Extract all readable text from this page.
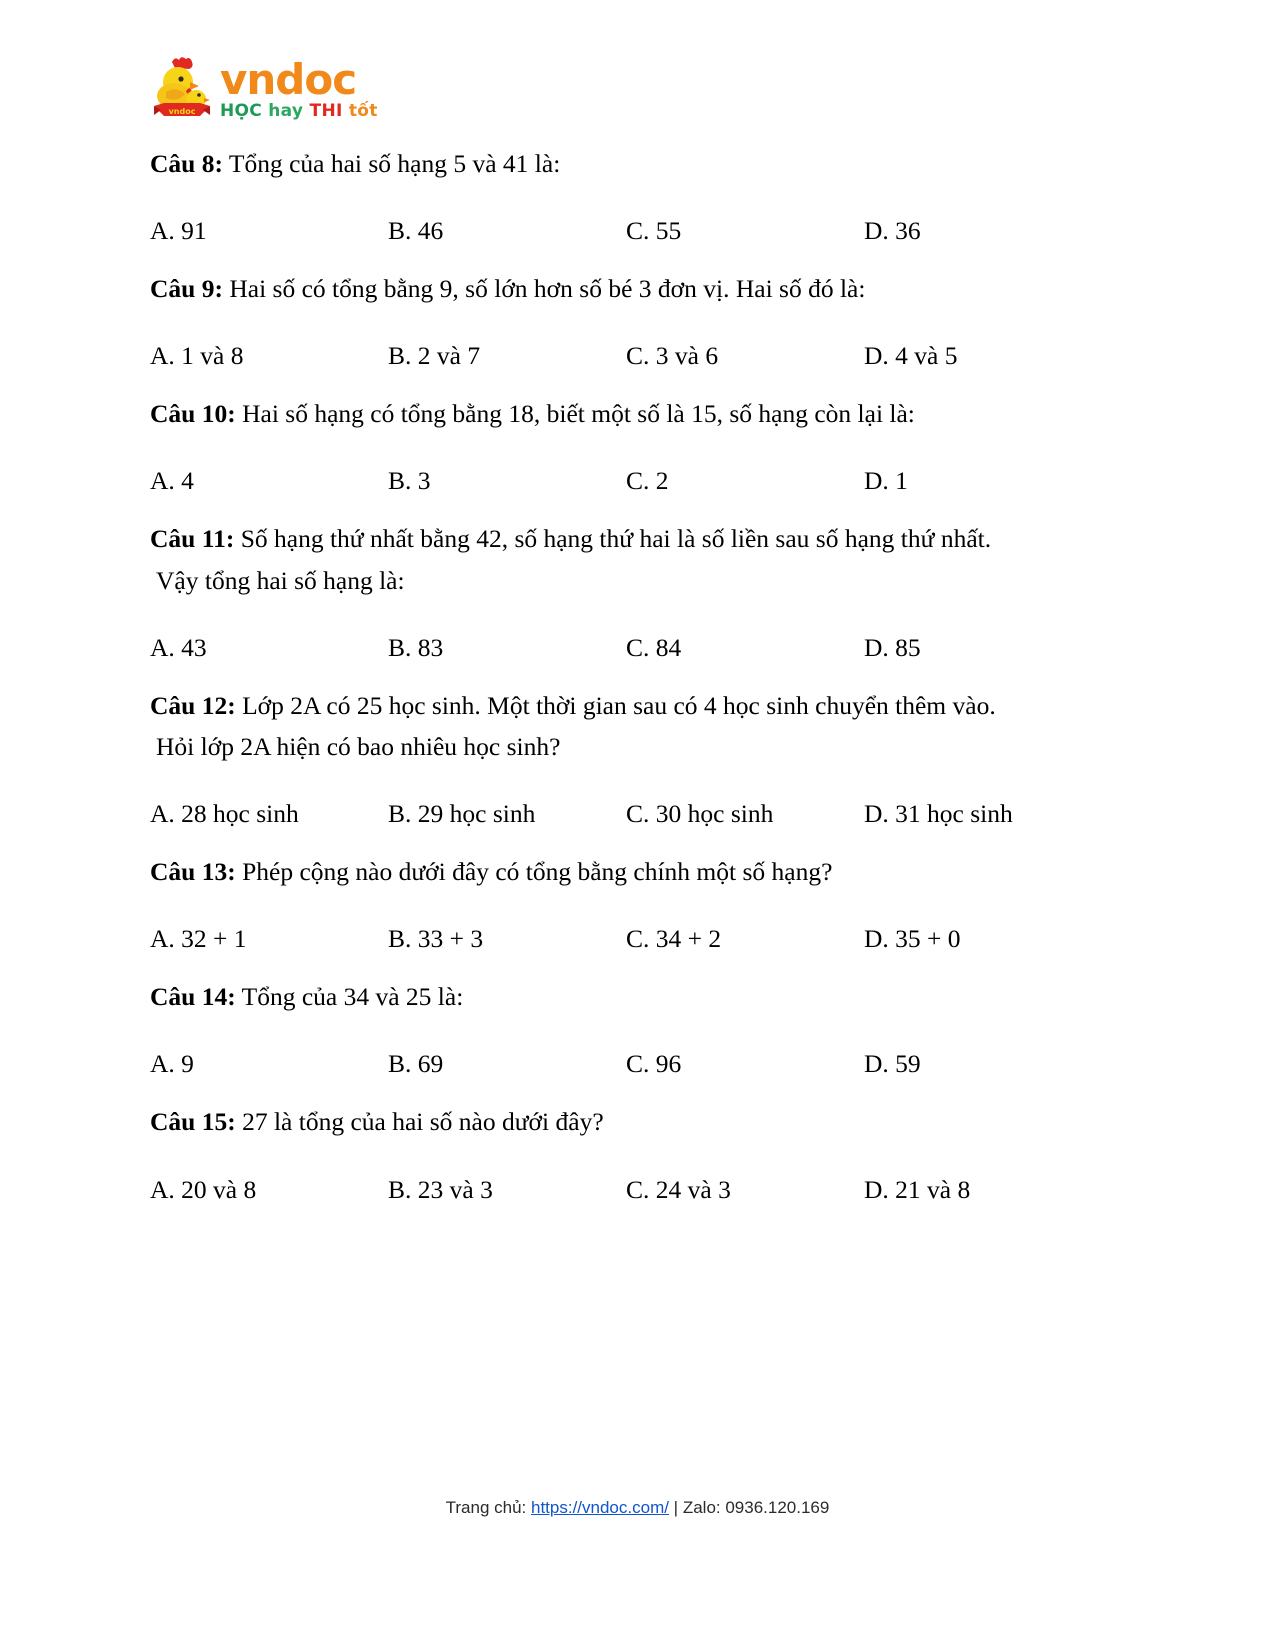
vndoc
vndoc
HỌC hay THI tốt

Câu 8: Tổng của hai số hạng 5 và 41 là:

A. 91	B. 46	C. 55	D. 36

Câu 9: Hai số có tổng bằng 9, số lớn hơn số bé 3 đơn vị. Hai số đó là:

A. 1 và 8	B. 2 và 7	C. 3 và 6	D. 4 và 5

Câu 10: Hai số hạng có tổng bằng 18, biết một số là 15, số hạng còn lại là:

A. 4	B. 3	C. 2	D. 1

Câu 11: Số hạng thứ nhất bằng 42, số hạng thứ hai là số liền sau số hạng thứ nhất.

Vậy tổng hai số hạng là:

A. 43	B. 83	C. 84	D. 85

Câu 12: Lớp 2A có 25 học sinh. Một thời gian sau có 4 học sinh chuyển thêm vào.

Hỏi lớp 2A hiện có bao nhiêu học sinh?

A. 28 học sinh	B. 29 học sinh	C. 30 học sinh	D. 31 học sinh

Câu 13: Phép cộng nào dưới đây có tổng bằng chính một số hạng?

A. 32 + 1	B. 33 + 3	C. 34 + 2	D. 35 + 0

Câu 14: Tổng của 34 và 25 là:

A. 9	B. 69	C. 96	D. 59

Câu 15: 27 là tổng của hai số nào dưới đây?

A. 20 và 8	B. 23 và 3	C. 24 và 3	D. 21 và 8
Trang chủ: https://vndoc.com/ | Zalo: 0936.120.169
